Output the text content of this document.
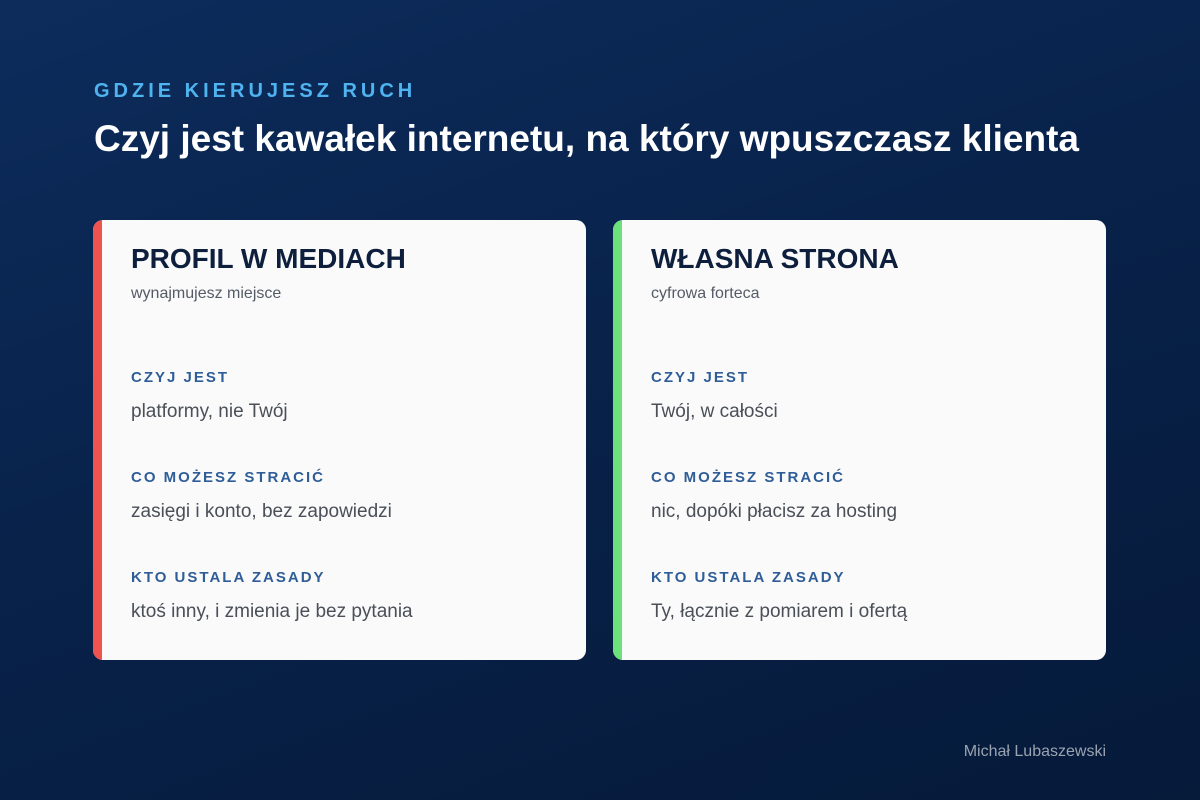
GDZIE KIERUJESZ RUCH
Czyj jest kawałek internetu, na który wpuszczasz klienta
PROFIL W MEDIACH
wynajmujesz miejsce
CZYJ JEST
platformy, nie Twój
CO MOŻESZ STRACIĆ
zasięgi i konto, bez zapowiedzi
KTO USTALA ZASADY
ktoś inny, i zmienia je bez pytania
WŁASNA STRONA
cyfrowa forteca
CZYJ JEST
Twój, w całości
CO MOŻESZ STRACIĆ
nic, dopóki płacisz za hosting
KTO USTALA ZASADY
Ty, łącznie z pomiarem i ofertą
Michał Lubaszewski
